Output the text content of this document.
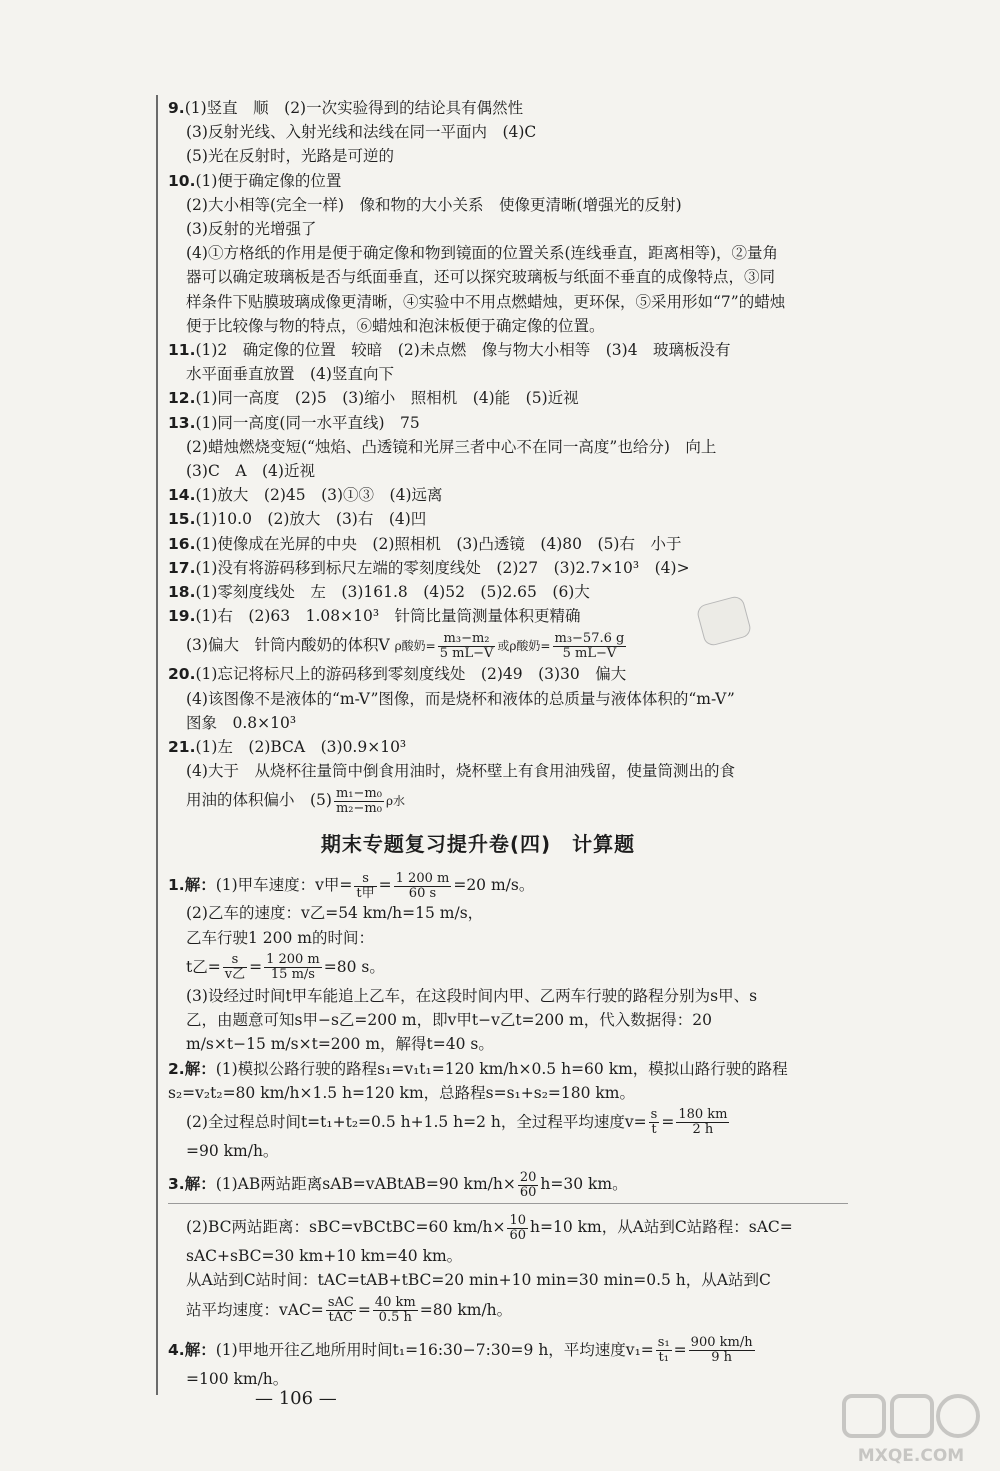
9.(1)竖直　顺　(2)一次实验得到的结论具有偶然性
(3)反射光线、入射光线和法线在同一平面内　(4)C
(5)光在反射时，光路是可逆的
10.(1)便于确定像的位置
(2)大小相等(完全一样)　像和物的大小关系　使像更清晰(增强光的反射)
(3)反射的光增强了
(4)①方格纸的作用是便于确定像和物到镜面的位置关系(连线垂直，距离相等)，②量角器可以确定玻璃板是否与纸面垂直，还可以探究玻璃板与纸面不垂直的成像特点，③同样条件下贴膜玻璃成像更清晰，④实验中不用点燃蜡烛，更环保，⑤采用形如“7”的蜡烛便于比较像与物的特点，⑥蜡烛和泡沫板便于确定像的位置。
11.(1)2　确定像的位置　较暗　(2)未点燃　像与物大小相等　(3)4　玻璃板没有
水平面垂直放置　(4)竖直向下
12.(1)同一高度　(2)5　(3)缩小　照相机　(4)能　(5)近视
13.(1)同一高度(同一水平直线)　75
(2)蜡烛燃烧变短(“烛焰、凸透镜和光屏三者中心不在同一高度”也给分)　向上
(3)C　A　(4)近视
14.(1)放大　(2)45　(3)①③　(4)远离
15.(1)10.0　(2)放大　(3)右　(4)凹
16.(1)使像成在光屏的中央　(2)照相机　(3)凸透镜　(4)80　(5)右　小于
17.(1)没有将游码移到标尺左端的零刻度线处　(2)27　(3)2.7×10³　(4)>
18.(1)零刻度线处　左　(3)161.8　(4)52　(5)2.65　(6)大
19.(1)右　(2)63　1.08×10³　针筒比量筒测量体积更精确
(3)偏大　针筒内酸奶的体积V ρ酸奶= $\frac{\text{m₃−m₂}}{5 mL-V}$ 或ρ酸奶= $\frac{\text{m₃−57.6 g}}{5 mL-V}$
20.(1)忘记将标尺上的游码移到零刻度线处　(2)49　(3)30　偏大
(4)该图像不是液体的“m-V”图像，而是烧杯和液体的总质量与液体体积的“m-V”
图象　0.8×10³
21.(1)左　(2)BCA　(3)0.9×10³
(4)大于　从烧杯往量筒中倒食用油时，烧杯壁上有食用油残留，使量筒测出的食
用油的体积偏小　$(5) \frac{\text{m₁−m₀}}{\text{m₂−m₀}}$ ρ水
期末专题复习提升卷(四)　计算题
1.解：(1)甲车速度：v甲= $\frac{s}{\text{t甲}} = \frac{1 200 m}{60 s} =20$ m/s。
(2)乙车的速度：v乙=54 km/h=15 m/s，
乙车行驶1 200 m的时间：
t乙= $\frac{s}{\text{v乙}} = \frac{1 200 m}{15 m/s} =80$ s。
(3)设经过时间t甲车能追上乙车，在这段时间内甲、乙两车行驶的路程分别为s甲、s乙，由题意可知s甲−s乙=200 m，即v甲t−v乙t=200 m，代入数据得：20 m/s×t−15 m/s×t=200 m，解得t=40 s。
2.解：(1)模拟公路行驶的路程s₁=v₁t₁=120 km/h×0.5 h=60 km，模拟山路行驶的路程s₂=v₂t₂=80 km/h×1.5 h=120 km，总路程s=s₁+s₂=180 km。
(2)全过程总时间t=t₁+t₂=0.5 h+1.5 h=2 h，全过程平均速度$v= \frac{s}{t} = \frac{180 km}{2 h}$
=90 km/h。
3.解：(1)AB两站距离sAB=vABtAB=90 $km/h\times \frac{20}{60} h=30$ km。
(2)BC两站距离：sBC=vBCtBC=60 $km/h\times \frac{10}{60} h=10$ km，从A站到C站路程：sAC=
sAC+sBC=30 km+10 km=40 km。
从A站到C站时间：tAC=tAB+tBC=20 min+10 min=30 min=0.5 h，从A站到C
站平均速度：$vAC= \frac{\text{sAC}}{\text{tAC}} = \frac{40 km}{0.5 h} =80$ km/h。
4.解：(1)甲地开往乙地所用时间t₁=16:30−7:30=9 h，平均速度$v_1= \frac{\text{s₁}}{\text{t₁}} = \frac{900 km/h}{9 h}$
=100 km/h。
— 106 —
MXQE.COM
